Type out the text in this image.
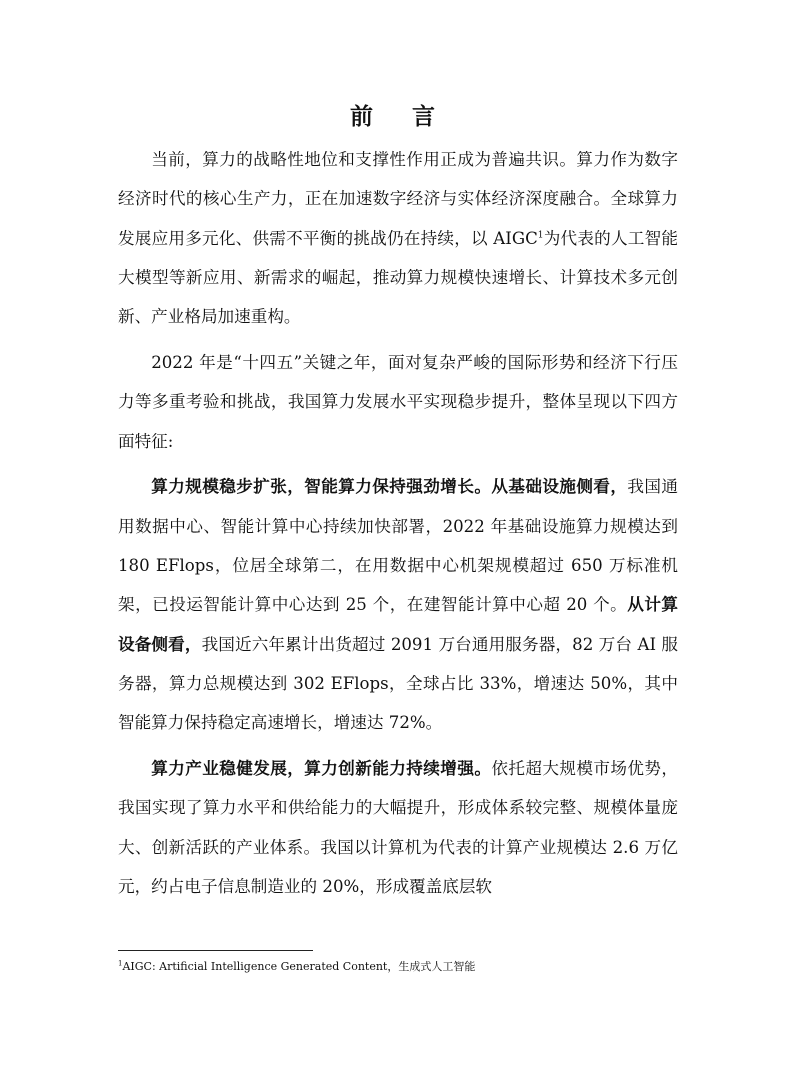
前　言

当前，算力的战略性地位和支撑性作用正成为普遍共识。算力作为数字经济时代的核心生产力，正在加速数字经济与实体经济深度融合。全球算力发展应用多元化、供需不平衡的挑战仍在持续，以 AIGC$^1$为代表的人工智能大模型等新应用、新需求的崛起，推动算力规模快速增长、计算技术多元创新、产业格局加速重构。

2022 年是“十四五”关键之年，面对复杂严峻的国际形势和经济下行压力等多重考验和挑战，我国算力发展水平实现稳步提升，整体呈现以下四方面特征:

算力规模稳步扩张，智能算力保持强劲增长。从基础设施侧看，我国通用数据中心、智能计算中心持续加快部署，2022 年基础设施算力规模达到 180 EFlops，位居全球第二，在用数据中心机架规模超过 650 万标准机架，已投运智能计算中心达到 25 个，在建智能计算中心超 20 个。从计算设备侧看，我国近六年累计出货超过 2091 万台通用服务器，82 万台 AI 服务器，算力总规模达到 302 EFlops，全球占比 33%，增速达 50%，其中智能算力保持稳定高速增长，增速达 72%。

算力产业稳健发展，算力创新能力持续增强。依托超大规模市场优势，我国实现了算力水平和供给能力的大幅提升，形成体系较完整、规模体量庞大、创新活跃的产业体系。我国以计算机为代表的计算产业规模达 2.6 万亿元，约占电子信息制造业的 20%，形成覆盖底层软

$^1$AIGC: Artificial Intelligence Generated Content，生成式人工智能
